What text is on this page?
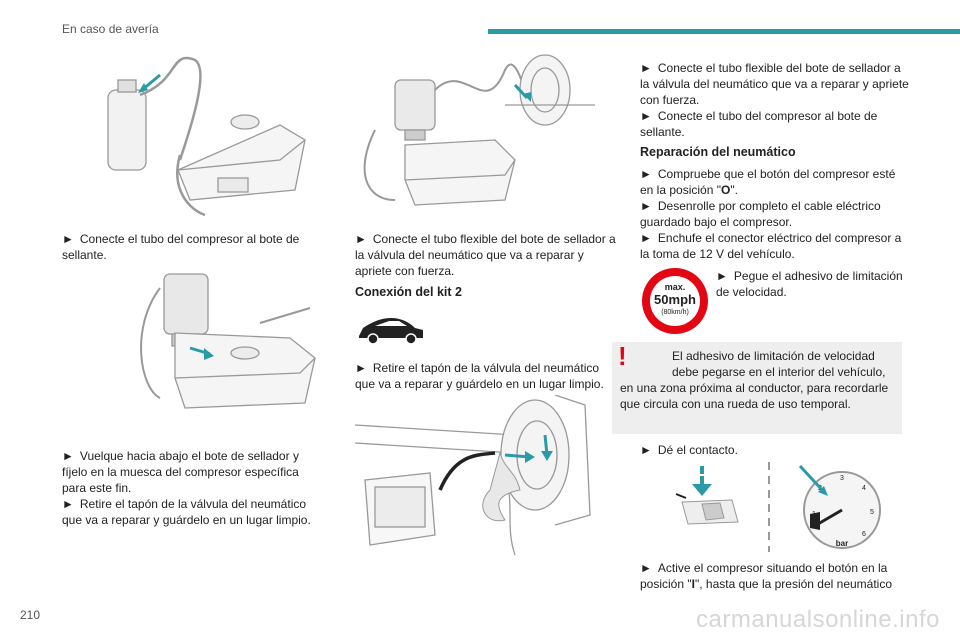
En caso de avería

► Conecte el tubo del compresor al bote de sellante.

► Vuelque hacia abajo el bote de sellador y fíjelo en la muesca del compresor específica para este fin.

► Retire el tapón de la válvula del neumático que va a reparar y guárdelo en un lugar limpio.

► Conecte el tubo flexible del bote de sellador a la válvula del neumático que va a reparar y apriete con fuerza.

Conexión del kit 2

► Retire el tapón de la válvula del neumático que va a reparar y guárdelo en un lugar limpio.

► Conecte el tubo flexible del bote de sellador a la válvula del neumático que va a reparar y apriete con fuerza.

► Conecte el tubo del compresor al bote de sellante.

Reparación del neumático

► Compruebe que el botón del compresor esté en la posición "O".

► Desenrolle por completo el cable eléctrico guardado bajo el compresor.

► Enchufe el conector eléctrico del compresor a la toma de 12 V del vehículo.

max.
50mph
(80km/h)
► Pegue el adhesivo de limitación de velocidad.
!	El adhesivo de limitación de velocidad
debe pegarse en el interior del vehículo,
en una zona próxima al conductor, para recordarle que circula con una rueda de uso temporal.

► Dé el contacto.

3
4
5
6
bar

► Active el compresor situando el botón en la posición "I", hasta que la presión del neumático

210	carmanualsonline.info
